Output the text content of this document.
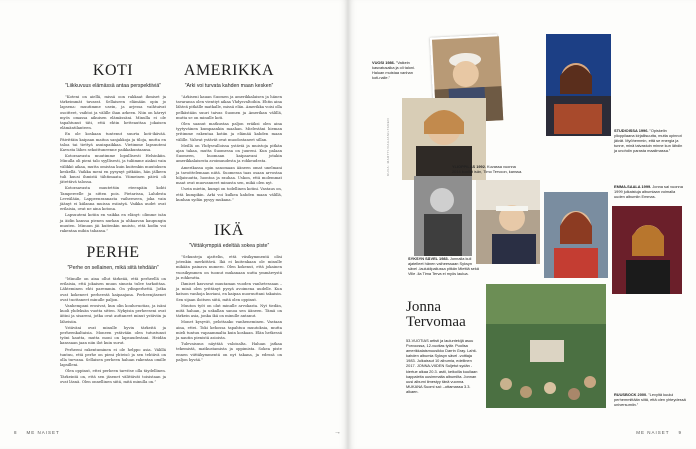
KOTI
”Liikkuvuus elämässä antaa perspektiiviä”

”Koteni on aiellä, missä oon rakkaat ihmiset ja tärkeimmät tavarat. Sellaiseen elämään opin jo lapsena: muutimme usein, ja arjessa vaihtuivat osoitteet, vaihtoi ja välille ihan arkeen. Niin on kärryt myös omassa aikuisen elämässäni. Minulla ei ole tapahtunut täti, että ehtin hetteauttaa jokaisen elämäntilanteen.

En ole koskaan tuntenut suurta koti-ikävää. Päivittäin kaipaan maitoa sanjakkoja ja tiloja, mutta en taloa tai tiettyä asuinpaikkaa. Vietimme lapsuuteni Kavusta lähes sekoittuneenne paikkakuntaansa.

Kotoraavasta muutimme lopullisesti Helsinkiin. Minulla oli pieni talo syyllisesti, ja tuliimme aiakui vain välikkö aikaa, mutta omistaa kuin kuitenkin muutoksen keskellä. Vaikka meni en pysynyt pitkään, hän jälkeen tuli kuusi ihmistä tähtimaata. Viimeinen päivä oli jätettävä talossa.

Kotoraavasta muutettiin eteenpäin kohti Tampereelle ja sitten pois. Pietarissa, Lahdesta Leveälään, Lappeenrannasta vaiheeseen, joka vain jäänyt ei kiilanna muissa esiintyä. Vaikka uudet ovat erilaisia, ovat ne aina kotona.

Lapsuuteni kotiin en vaikka en elänyt: olimme isän ja äidin kanssa pienen nurkan ja uhkaavan kaupungin muuten. Minuun jäi kuitenkin muisto, että kodin voi rakentaa mihin tahansa.”

PERHE
”Perhe on sellainen, mikä siitä tehdään”

”Minulle on aina ollut tärkeää, että perheellä on erilaisia, että jokaisen muun sinusta tulee tarkoittaa. Lähteminen ehti paremmin. On ydinperhettä. Jotka ovat kokeneet perheestä kaipaajana. Perheenjäsenet ovat tuottaneet minulle paljon.

Vanhempani erosivat, kun olin kouluvuotias, ja isäni kuoli yhdeksän vuotta sitten. Nykyisin perheeseni ovat äitini ja sisareni, jotka ovat auttaneet minut ystäviin ja läheisiin.

Ystäväni ovat minulle hyvin tärkeitä ja perheenkaltaisia. Moneen ystävään olen tutustunut työni kautta, mutta moni on lapsuudestani. Heidän kanssaan jaan niin ilot kuin surut.

Perheeni rakentuminen ei ole helppo asia. Välillä tuntuu, että perhe on pieni yhteisö ja sen tehtävä on olla turvana. Sellaisen perheen haluan rakentaa omille lapsilleni.

Olen oppinut, ettei perheen tarvitse olla täydellinen. Tärkeintä on, että sen jäsenet välittävät toisistaan ja ovat läsnä. Olen onnellinen siitä, mitä minulla on.”

AMERIKKA
”Arki voi turvata kahden maan kesken”

”Arkiseni kauan Suomen ja amerikkalaisen ja hänen tavaransa olen vientiyt aikaa Yhdysvaltoihin. Ehtin aina lähteä pitkälle matkalle, missä elän. Amerikka voisi olla pelkästään suuri taivas Suomen ja Amerikan välillä, mutta se on minulle koti.

Olen saanut matkustaa paljon eräiksi olen aina tyytyväinen kumpaankin maahan. Mielestäni hieman yritimme rakentaa kotiin ja elämää kahden maan välille. Vahvat ystävät ovat muodostaneet sillan.

Meillä on Yhdysvalloissa ystäviä ja muistoja pitkän ajan takaa, mutta Suomessa on juureni. Kun palaan Suomeen, huomaan kaipaavani jotakin amerikkalaisesta avoimuudesta ja rohkeudesta.

Amerikassa opin sanomaan ääneen omat unelmani ja tavoittelemaan niitä. Suomessa taas osaan arvostaa hiljaisuutta, luontoa ja rauhaa. Uskon, että molemmat maat ovat muovanneet minusta sen, mikä olen nyt.

Usein mietin, kumpi on todellinen kotini. Vastaus on, että kumpikin. Arki voi kulkea kahden maan välillä, kunhan sydän pysyy mukana.”

IKÄ
”Viittäkymppiä edeltää sokea piste”

”Sekunteja ajattelin, että viisikymmentä olisi jotenkin merkittävä. Ikä ei kuitenkaan ole minulle mikään painava numero. Olen kokenut, että jokainen vuosikymmen on tuonut mukanaan uutta ymmärrystä ja rohkeutta.

Ihmiset kasvavat muutaman vuoden vanhetessaan – ja minä olen yrittänyt pysyä avoimena uudelle. Kun katson vanhoja kuviani, en kaipaa nuoruuttani takaisin. Sen sijaan iloitsen siitä, mitä olen oppinut.

Muuton työt on olut minulle arvokasta. Nyt tiedän, mitä haluan, ja uskallan sanoa sen ääneen. Tämä on tärkein asia, jonka ikä on minulle antanut.

Monet kysyvät, pelottaako vanheneminen. Vastaan aina, ettei. Toki kehossa tapahtuu muutoksia, mutta mieli tuntuu vapaammalta kuin koskaan. Elän hetkessä ja nautin pienistä asioista.

Tulevaisuus näyttää valoisalta. Haluan jatkaa tekemistä, matkustamista ja oppimista. Sokea piste ennen viittäkymmentä on nyt takana, ja edessä on paljon hyvää.”

8 ME NAISET	→
VUOSI 1986. ”Vaikein kasvatusaika ja oli taloni. Haluan muistaa vanhan koti-nalle.”
STUDIOISSA 1996. ”Opiskelin ylioppilaana kirjallisuutta, mutta opinnot jäivät. Myöhemmin, että se energia ja tunne, minä taivastuin minne kun lähdin ja unohdin parasta maailmassa.”
KUVA: MARTTI/VAAJASILTANEN	YLIOPPILAS 1992. Kuvassa vuonna 2014 kuollut isän, Timo Tervoon, kanssa.
SYKSYN SÄVEL 1983. Jonnalla kuli ajatelleet hänen vaiheessaan Syksyn sävel -laulukilpailussa pitkän Miettiä sekä Ville -lla Tima Terva ei myös laulua.
EMMA-SAALA 1999. Jonna sai vuonna 1999 julkaistuja albumiaan voimalla uuden albumiin Emmas.
Jonna
Tervomaa
53-VUOTIAS artisti ja lauluntekijä asuu Porvoossa, 12-vuotias tytär. Puolisa amerikkalaismuusikko Darrin Gray. Lahti-kahden albumia Syksyn sävel -voittaja 1983. Julkaissut 10 albumia, edellinen 2017. JONNA-VIIDEN Suljetut sydän -kiertue alkaa 20.3. astii, keikoilla kuullaan kappaleita uusimmalta albumilta. Jonnan uusi albumi ilmestyy tänä vuonna. MUKANA Suomi sai: –ottamassa 3.3. alkaen.
RUUSBOCK 2000. ”Levyltä kuului perhemmittään siitä, että olen yhteydessä universumiin.”
ME NAISET 9
